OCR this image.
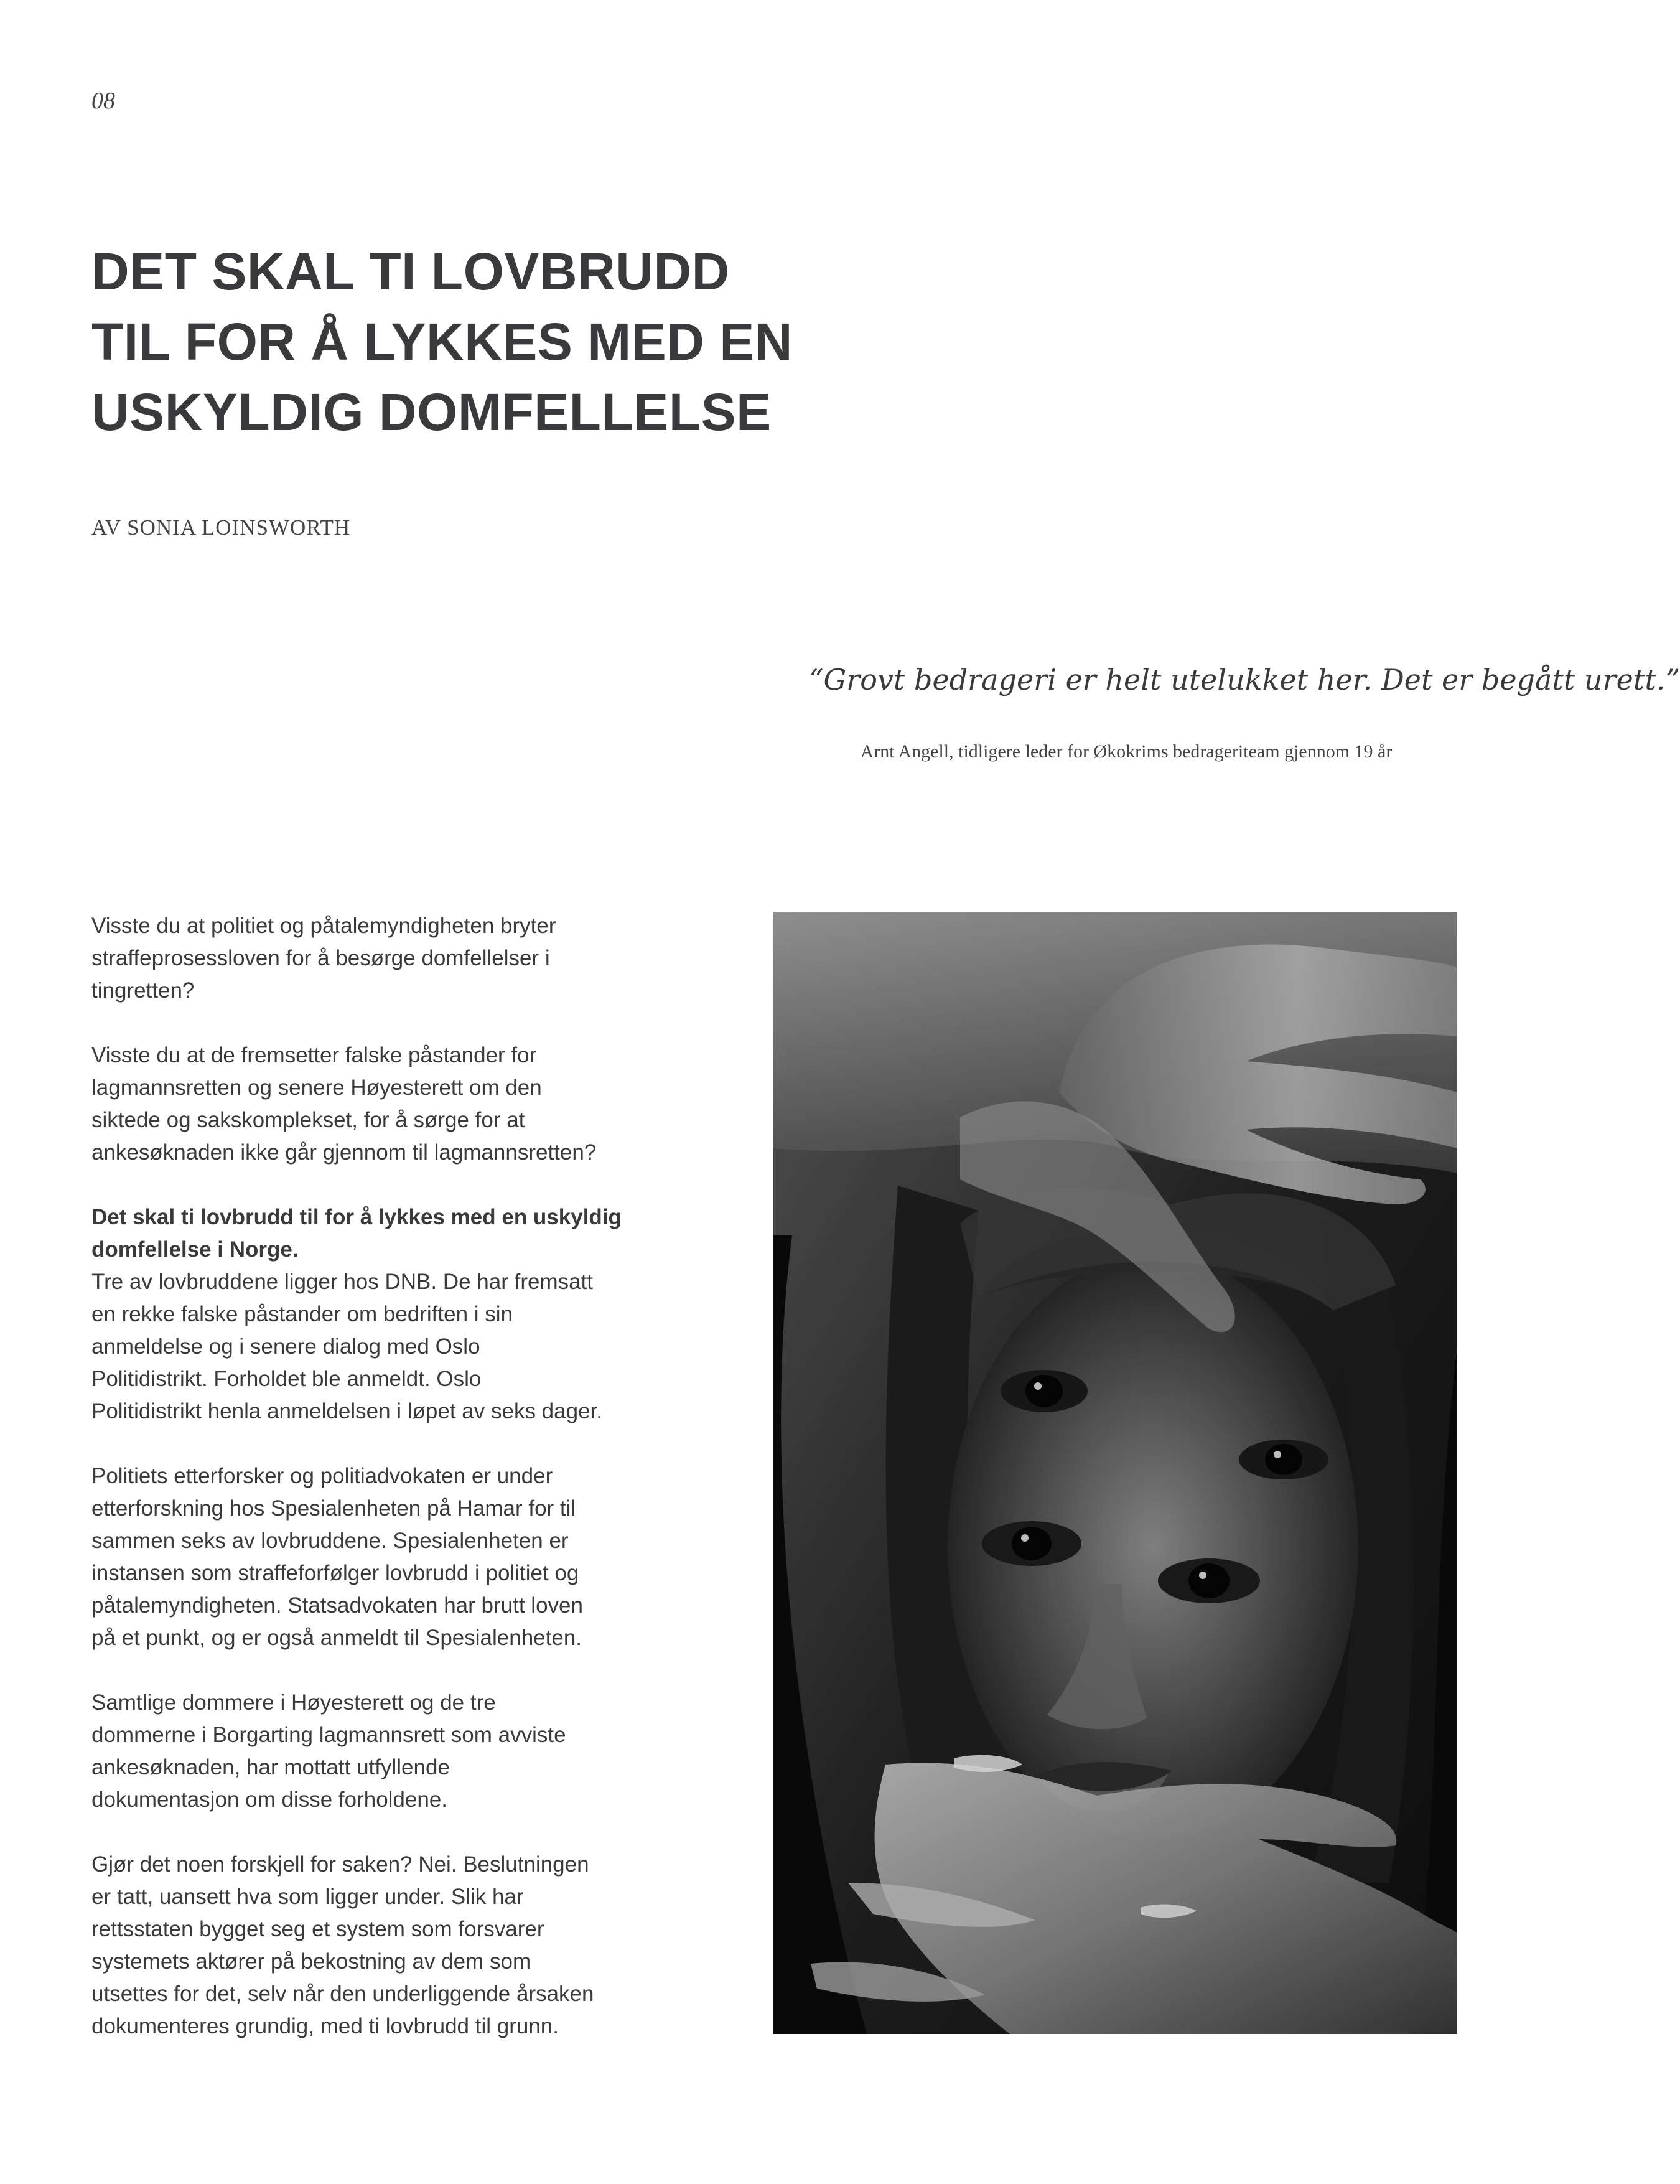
08
DET SKAL TI LOVBRUDD
TIL FOR Å LYKKES MED EN
USKYLDIG DOMFELLELSE
AV SONIA LOINSWORTH
“Grovt bedrageri er helt utelukket her. Det er begått urett.”
Arnt Angell, tidligere leder for Økokrims bedrageriteam gjennom 19 år

Visste du at politiet og påtalemyndigheten bryter
straffeprosessloven for å besørge domfellelser i
tingretten?

Visste du at de fremsetter falske påstander for
lagmannsretten og senere Høyesterett om den
siktede og sakskomplekset, for å sørge for at
ankesøknaden ikke går gjennom til lagmannsretten?

Det skal ti lovbrudd til for å lykkes med en uskyldig
domfellelse i Norge.
Tre av lovbruddene ligger hos DNB. De har fremsatt
en rekke falske påstander om bedriften i sin
anmeldelse og i senere dialog med Oslo
Politidistrikt. Forholdet ble anmeldt. Oslo
Politidistrikt henla anmeldelsen i løpet av seks dager.

Politiets etterforsker og politiadvokaten er under
etterforskning hos Spesialenheten på Hamar for til
sammen seks av lovbruddene. Spesialenheten er
instansen som straffeforfølger lovbrudd i politiet og
påtalemyndigheten. Statsadvokaten har brutt loven
på et punkt, og er også anmeldt til Spesialenheten.

Samtlige dommere i Høyesterett og de tre
dommerne i Borgarting lagmannsrett som avviste
ankesøknaden, har mottatt utfyllende
dokumentasjon om disse forholdene.

Gjør det noen forskjell for saken? Nei. Beslutningen
er tatt, uansett hva som ligger under. Slik har
rettsstaten bygget seg et system som forsvarer
systemets aktører på bekostning av dem som
utsettes for det, selv når den underliggende årsaken
dokumenteres grundig, med ti lovbrudd til grunn.
